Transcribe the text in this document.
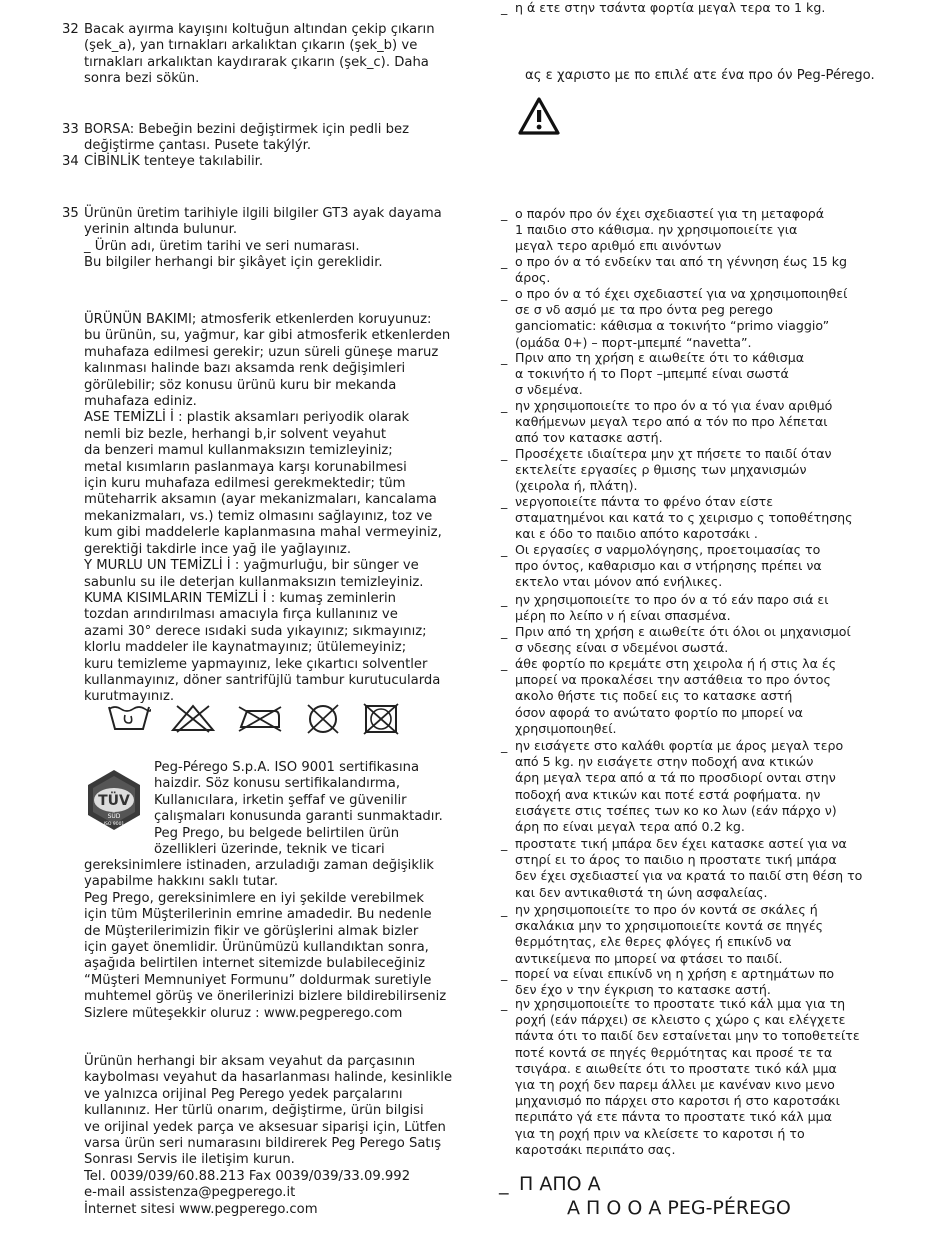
32 Bacak ayırma kayışını koltuğun altından çekip çıkarın
(şek_a), yan tırnakları arkalıktan çıkarın (şek_b) ve
tırnakları arkalıktan kaydırarak çıkarın (şek_c). Daha
sonra bezi sökün.
33 BORSA: Bebeğin bezini değiştirmek için pedli bez
değiştirme çantası. Pusete takýlýr.
34 CİBİNLİK tenteye takılabilir.
35 Ürünün üretim tarihiyle ilgili bilgiler GT3 ayak dayama
yerinin altında bulunur.
_ Ürün adı, üretim tarihi ve seri numarası.
Bu bilgiler herhangi bir şikâyet için gereklidir.
ÜRÜNÜN BAKIMI; atmosferik etkenlerden koruyunuz:
bu ürünün, su, yağmur, kar gibi atmosferik etkenlerden
muhafaza edilmesi gerekir; uzun süreli güneşe maruz
kalınması halinde bazı aksamda renk değişimleri
görülebilir; söz konusu ürünü kuru bir mekanda
muhafaza ediniz.
ASE TEMİZLİ İ : plastik aksamları periyodik olarak
nemli biz bezle, herhangi b,ir solvent veyahut
da benzeri mamul kullanmaksızın temizleyiniz;
metal kısımların paslanmaya karşı korunabilmesi
için kuru muhafaza edilmesi gerekmektedir; tüm
müteharrik aksamın (ayar mekanizmaları, kancalama
mekanizmaları, vs.) temiz olmasını sağlayınız, toz ve
kum gibi maddelerle kaplanmasına mahal vermeyiniz,
gerektiği takdirle ince yağ ile yağlayınız.
Y MURLU UN TEMİZLİ İ : yağmurluğu, bir sünger ve
sabunlu su ile deterjan kullanmaksızın temizleyiniz.
KUMA KISIMLARIN TEMİZLİ İ : kumaş zeminlerin
tozdan arındırılması amacıyla fırça kullanınız ve
azami 30° derece ısıdaki suda yıkayınız; sıkmayınız;
klorlu maddeler ile kaynatmayınız; ütülemeyiniz;
kuru temizleme yapmayınız, leke çıkartıcı solventler
kullanmayınız, döner santrifüjlü tambur kurutucularda
kurutmayınız.
TÜV
SÜD
ISO 9001
Peg-Pérego S.p.A. ISO 9001 sertifikasına
haizdir. Söz konusu sertifikalandırma,
Kullanıcılara, irketin şeffaf ve güvenilir
çalışmaları konusunda garanti sunmaktadır.
Peg Prego, bu belgede belirtilen ürün
özellikleri üzerinde, teknik ve ticari
gereksinimlere istinaden, arzuladığı zaman değişiklik
yapabilme hakkını saklı tutar.
Peg Prego, gereksinimlere en iyi şekilde verebilmek
için tüm Müşterilerinin emrine amadedir. Bu nedenle
de Müşterilerimizin fikir ve görüşlerini almak bizler
için gayet önemlidir. Ürünümüzü kullandıktan sonra,
aşağıda belirtilen internet sitemizde bulabileceğiniz
“Müşteri Memnuniyet Formunu” doldurmak suretiyle
muhtemel görüş ve önerilerinizi bizlere bildirebilirseniz
Sizlere müteşekkir oluruz : www.pegperego.com
Ürünün herhangi bir aksam veyahut da parçasının
kaybolması veyahut da hasarlanması halinde, kesinlikle
ve yalnızca orijinal Peg Perego yedek parçalarını
kullanınız. Her türlü onarım, değiştirme, ürün bilgisi
ve orijinal yedek parça ve aksesuar siparişi için, Lütfen
varsa ürün seri numarasını bildirerek Peg Perego Satış
Sonrası Servis ile iletişim kurun.
Tel. 0039/039/60.88.213 Fax 0039/039/33.09.992
e-mail assistenza@pegperego.it
İnternet sitesi www.pegperego.com
ας ε χαριστο με πο επιλέ ατε ένα προ όν Peg-Pérego.
_ ο παρόν προ όν έχει σχεδιαστεί για τη μεταφορά
1 παιδιο στο κάθισμα. ην χρησιμοποιείτε για
μεγαλ τερο αριθμό επι αινόντων
_ ο προ όν α τό ενδείκν ται από τη γέννηση έως 15 kg
άρος.
_ ο προ όν α τό έχει σχεδιαστεί για να χρησιμοποιηθεί
σε σ νδ ασμό με τα προ όντα peg perego
ganciomatic: κάθισμα α τοκινήτο “primo viaggio”
(ομάδα 0+) – πορτ-μπεμπέ “navetta”.
_ Πριν απο τη χρήση ε αιωθείτε ότι το κάθισμα
α τοκινήτο ή το Πορτ –μπεμπέ είναι σωστά
σ νδεμένα.
_ ην χρησιμοποιείτε το προ όν α τό για έναν αριθμό
καθήμενων μεγαλ τερο από α τόν πο προ λέπεται
από τον κατασκε αστή.
_ Προσέχετε ιδιαίτερα μην χτ πήσετε το παιδί όταν
εκτελείτε εργασίες ρ θμισης των μηχανισμών
(χειρολα ή, πλάτη).
_ νεργοποιείτε πάντα το φρένο όταν είστε
σταματημένοι και κατά το ς χειρισμο ς τοποθέτησης
και ε όδο το παιδιο απότο καροτσάκι .
_ Οι εργασίες σ ναρμολόγησης, προετοιμασίας το
προ όντος, καθαρισμο και σ ντήρησης πρέπει να
εκτελο νται μόνον από ενήλικες.
_ ην χρησιμοποιείτε το προ όν α τό εάν παρο σιά ει
μέρη πο λείπο ν ή είναι σπασμένα.
_ Πριν από τη χρήση ε αιωθείτε ότι όλοι οι μηχανισμοί
σ νδεσης είναι σ νδεμένοι σωστά.
_ άθε φορτίο πο κρεμάτε στη χειρολα ή ή στις λα ές
μπορεί να προκαλέσει την αστάθεια το προ όντος
ακολο θήστε τις ποδεί εις το κατασκε αστή
όσον αφορά το ανώτατο φορτίο πο μπορεί να
χρησιμοποιηθεί.
_ ην εισάγετε στο καλάθι φορτία με άρος μεγαλ τερο
από 5 kg. ην εισάγετε στην ποδοχή ανα κτικών
άρη μεγαλ τερα από α τά πο προσδιορί ονται στην
ποδοχή ανα κτικών και ποτέ εστά ροφήματα. ην
εισάγετε στις τσέπες των κο κο λων (εάν πάρχο ν)
άρη πο είναι μεγαλ τερα από 0.2 kg.
_ προστατε τική μπάρα δεν έχει κατασκε αστεί για να
στηρί ει το άρος το παιδιο η προστατε τική μπάρα
δεν έχει σχεδιαστεί για να κρατά το παιδί στη θέση το
και δεν αντικαθιστά τη ώνη ασφαλείας.
_ ην χρησιμοποιείτε το προ όν κοντά σε σκάλες ή
σκαλάκια μην το χρησιμοποιείτε κοντά σε πηγές
θερμότητας, ελε θερες φλόγες ή επικίνδ να
αντικείμενα πο μπορεί να φτάσει το παιδί.
_ πορεί να είναι επικίνδ νη η χρήση ε αρτημάτων πο
δεν έχο ν την έγκριση το κατασκε αστή.
_ ην χρησιμοποιείτε το προστατε τικό κάλ μμα για τη
ροχή (εάν πάρχει) σε κλειστο ς χώρο ς και ελέγχετε
πάντα ότι το παιδί δεν εσταίνεται μην το τοποθετείτε
ποτέ κοντά σε πηγές θερμότητας και προσέ τε τα
τσιγάρα. ε αιωθείτε ότι το προστατε τικό κάλ μμα
για τη ροχή δεν παρεμ άλλει με κανέναν κινο μενο
μηχανισμό πο πάρχει στο καροτσι ή στο καροτσάκι
περιπάτο γά ετε πάντα το προστατε τικό κάλ μμα
για τη ροχή πριν να κλείσετε το καροτσι ή το
καροτσάκι περιπάτο σας.
_ η ά ετε στην τσάντα φορτία μεγαλ τερα το 1 kg.
_ Π ΑΠΟ Α
Α Π Ο Ο Α PEG-PÉREGO
